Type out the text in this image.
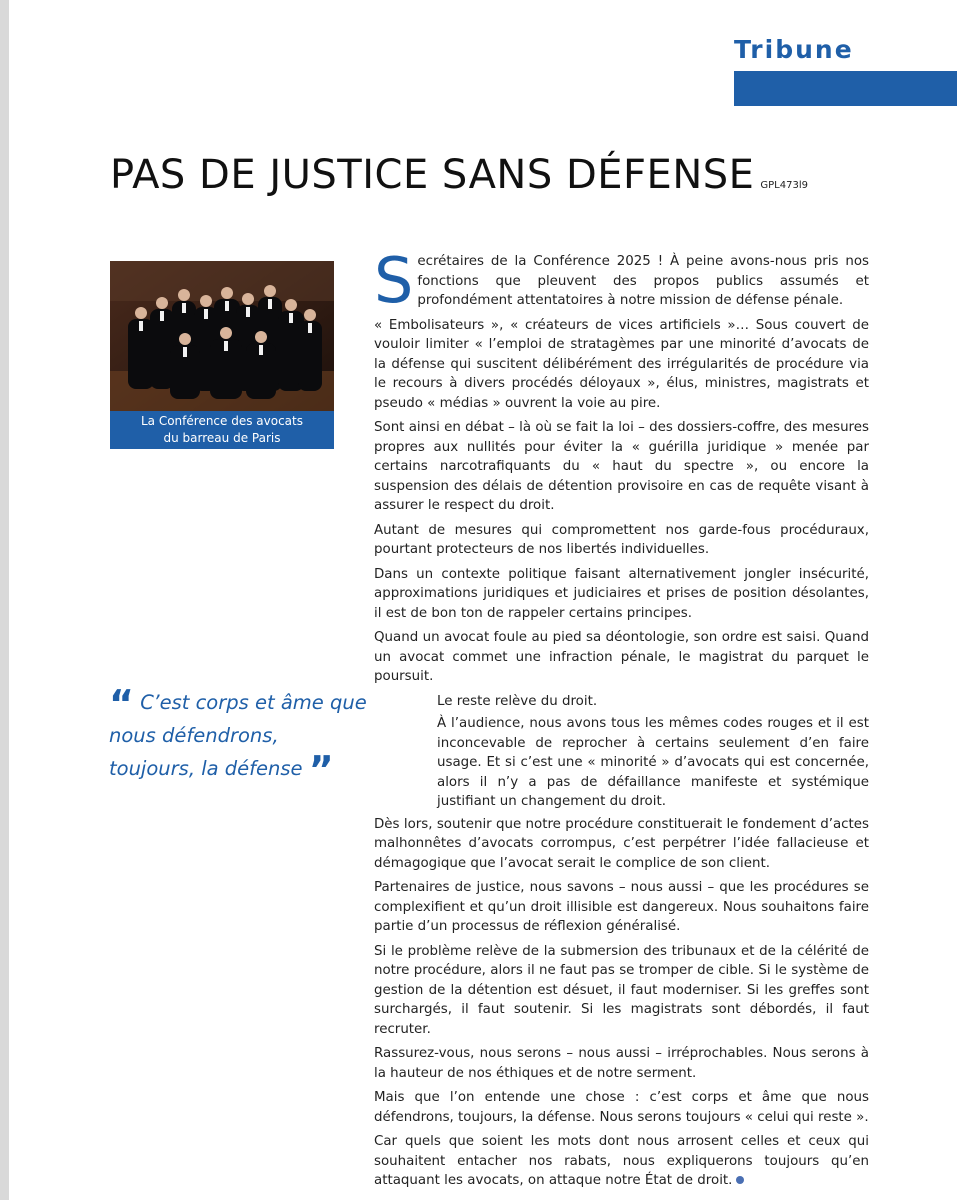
Tribune
PAS DE JUSTICE SANS DÉFENSE GPL473l9
La Conférence des avocats
du barreau de Paris
“ C’est corps et âme que nous défendrons, toujours, la défense ”

Secrétaires de la Conférence 2025 ! À peine avons-nous pris nos fonctions que pleuvent des propos publics assumés et profondément attentatoires à notre mission de défense pénale.

« Embolisateurs », « créateurs de vices artificiels »… Sous couvert de vouloir limiter « l’emploi de stratagèmes par une minorité d’avocats de la défense qui suscitent délibérément des irrégularités de procédure via le recours à divers procédés déloyaux », élus, ministres, magistrats et pseudo « médias » ouvrent la voie au pire.

Sont ainsi en débat – là où se fait la loi – des dossiers-coffre, des mesures propres aux nullités pour éviter la « guérilla juridique » menée par certains narcotrafiquants du « haut du spectre », ou encore la suspension des délais de détention provisoire en cas de requête visant à assurer le respect du droit.

Autant de mesures qui compromettent nos garde-fous procéduraux, pourtant protecteurs de nos libertés individuelles.

Dans un contexte politique faisant alternativement jongler insécurité, approximations juridiques et judiciaires et prises de position désolantes, il est de bon ton de rappeler certains principes.

Quand un avocat foule au pied sa déontologie, son ordre est saisi. Quand un avocat commet une infraction pénale, le magistrat du parquet le poursuit.

Le reste relève du droit.

À l’audience, nous avons tous les mêmes codes rouges et il est inconcevable de reprocher à certains seulement d’en faire usage. Et si c’est une « minorité » d’avocats qui est concernée, alors il n’y a pas de défaillance manifeste et systémique justifiant un changement du droit.

Dès lors, soutenir que notre procédure constituerait le fondement d’actes malhonnêtes d’avocats corrompus, c’est perpétrer l’idée fallacieuse et démagogique que l’avocat serait le complice de son client.

Partenaires de justice, nous savons – nous aussi – que les procédures se complexifient et qu’un droit illisible est dangereux. Nous souhaitons faire partie d’un processus de réflexion généralisé.

Si le problème relève de la submersion des tribunaux et de la célérité de notre procédure, alors il ne faut pas se tromper de cible. Si le système de gestion de la détention est désuet, il faut moderniser. Si les greffes sont surchargés, il faut soutenir. Si les magistrats sont débordés, il faut recruter.

Rassurez-vous, nous serons – nous aussi – irréprochables. Nous serons à la hauteur de nos éthiques et de notre serment.

Mais que l’on entende une chose : c’est corps et âme que nous défendrons, toujours, la défense. Nous serons toujours « celui qui reste ».

Car quels que soient les mots dont nous arrosent celles et ceux qui souhaitent entacher nos rabats, nous expliquerons toujours qu’en attaquant les avocats, on attaque notre État de droit.
